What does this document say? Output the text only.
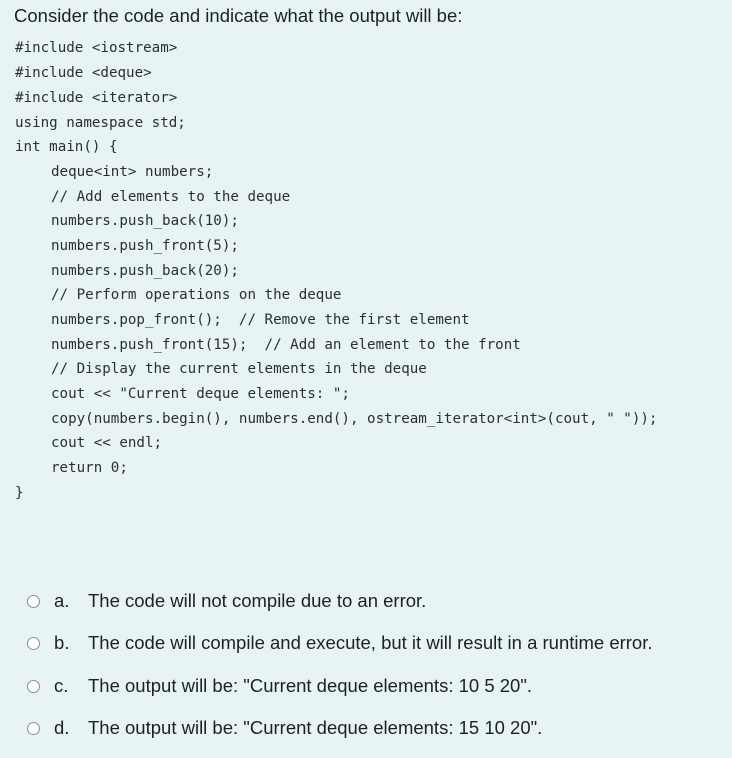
Consider the code and indicate what the output will be:
#include <iostream>
#include <deque>
#include <iterator>
using namespace std;
int main() {
deque<int> numbers;
// Add elements to the deque
numbers.push_back(10);
numbers.push_front(5);
numbers.push_back(20);
// Perform operations on the deque
numbers.pop_front();  // Remove the first element
numbers.push_front(15);  // Add an element to the front
// Display the current elements in the deque
cout << "Current deque elements: ";
copy(numbers.begin(), numbers.end(), ostream_iterator<int>(cout, " "));
cout << endl;
return 0;
}
a.	The code will not compile due to an error.
b.	The code will compile and execute, but it will result in a runtime error.
c.	The output will be: "Current deque elements: 10 5 20".
d.	The output will be: "Current deque elements: 15 10 20".
